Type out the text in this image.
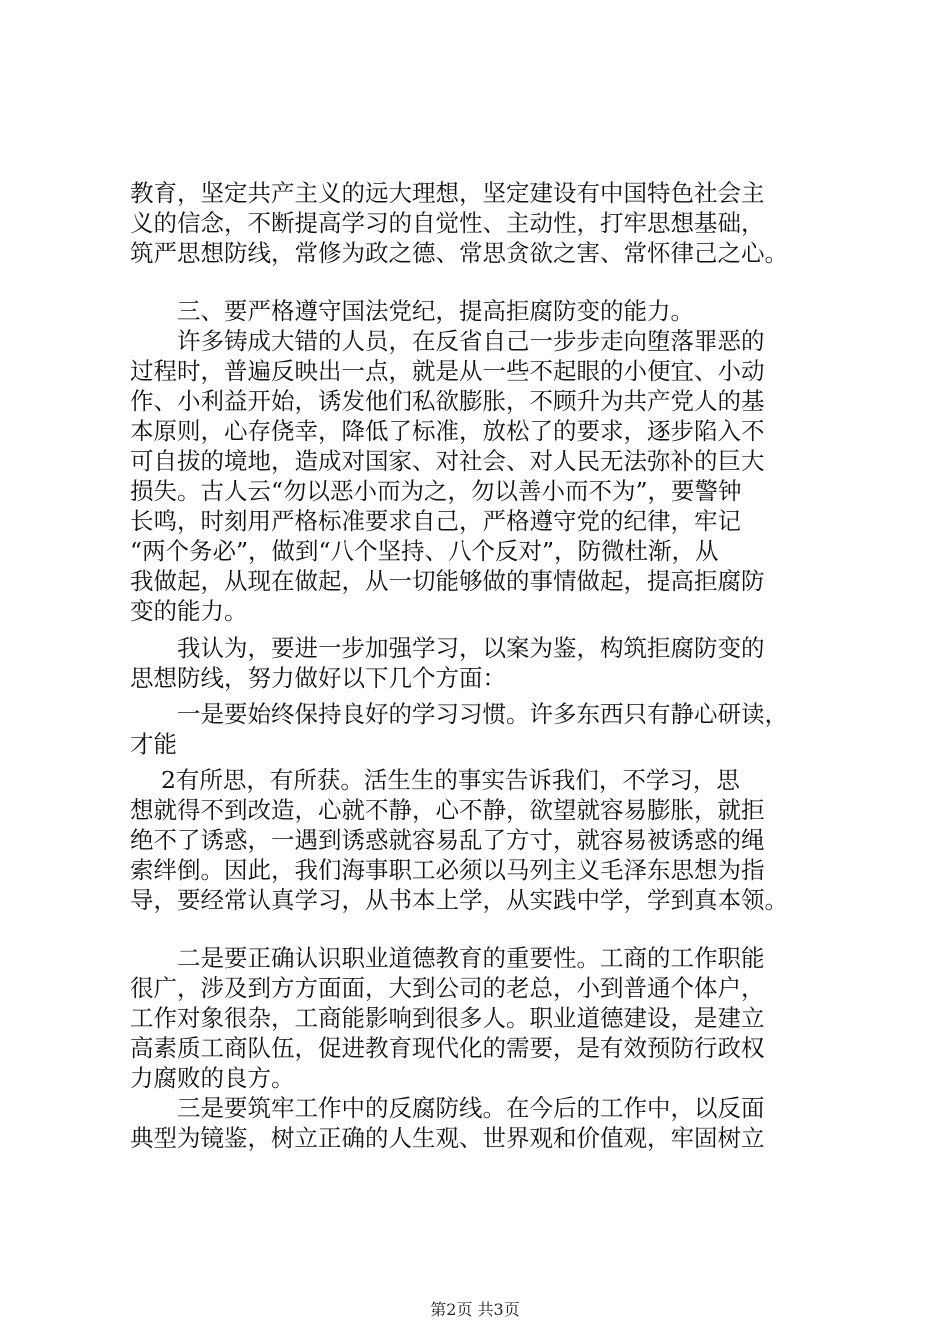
教育，坚定共产主义的远大理想，坚定建设有中国特色社会主
义的信念，不断提高学习的自觉性、主动性，打牢思想基础，
筑严思想防线，常修为政之德、常思贪欲之害、常怀律己之心。
　　三、要严格遵守国法党纪，提高拒腐防变的能力。
　　许多铸成大错的人员，在反省自己一步步走向堕落罪恶的
过程时，普遍反映出一点，就是从一些不起眼的小便宜、小动
作、小利益开始，诱发他们私欲膨胀，不顾升为共产党人的基
本原则，心存侥幸，降低了标准，放松了的要求，逐步陷入不
可自拔的境地，造成对国家、对社会、对人民无法弥补的巨大
损失。古人云“勿以恶小而为之，勿以善小而不为”，要警钟
长鸣，时刻用严格标准要求自己，严格遵守党的纪律，牢记
“两个务必”，做到“八个坚持、八个反对”，防微杜渐，从
我做起，从现在做起，从一切能够做的事情做起，提高拒腐防
变的能力。
　　我认为，要进一步加强学习，以案为鉴，构筑拒腐防变的
思想防线，努力做好以下几个方面：
　　一是要始终保持良好的学习习惯。许多东西只有静心研读，
才能
　 2有所思，有所获。活生生的事实告诉我们，不学习，思
想就得不到改造，心就不静，心不静，欲望就容易膨胀，就拒
绝不了诱惑，一遇到诱惑就容易乱了方寸，就容易被诱惑的绳
索绊倒。因此，我们海事职工必须以马列主义毛泽东思想为指
导，要经常认真学习，从书本上学，从实践中学，学到真本领。
　　二是要正确认识职业道德教育的重要性。工商的工作职能
很广，涉及到方方面面，大到公司的老总，小到普通个体户，
工作对象很杂，工商能影响到很多人。职业道德建设，是建立
高素质工商队伍，促进教育现代化的需要，是有效预防行政权
力腐败的良方。
　　三是要筑牢工作中的反腐防线。在今后的工作中，以反面
典型为镜鉴，树立正确的人生观、世界观和价值观，牢固树立
第2页 共3页
